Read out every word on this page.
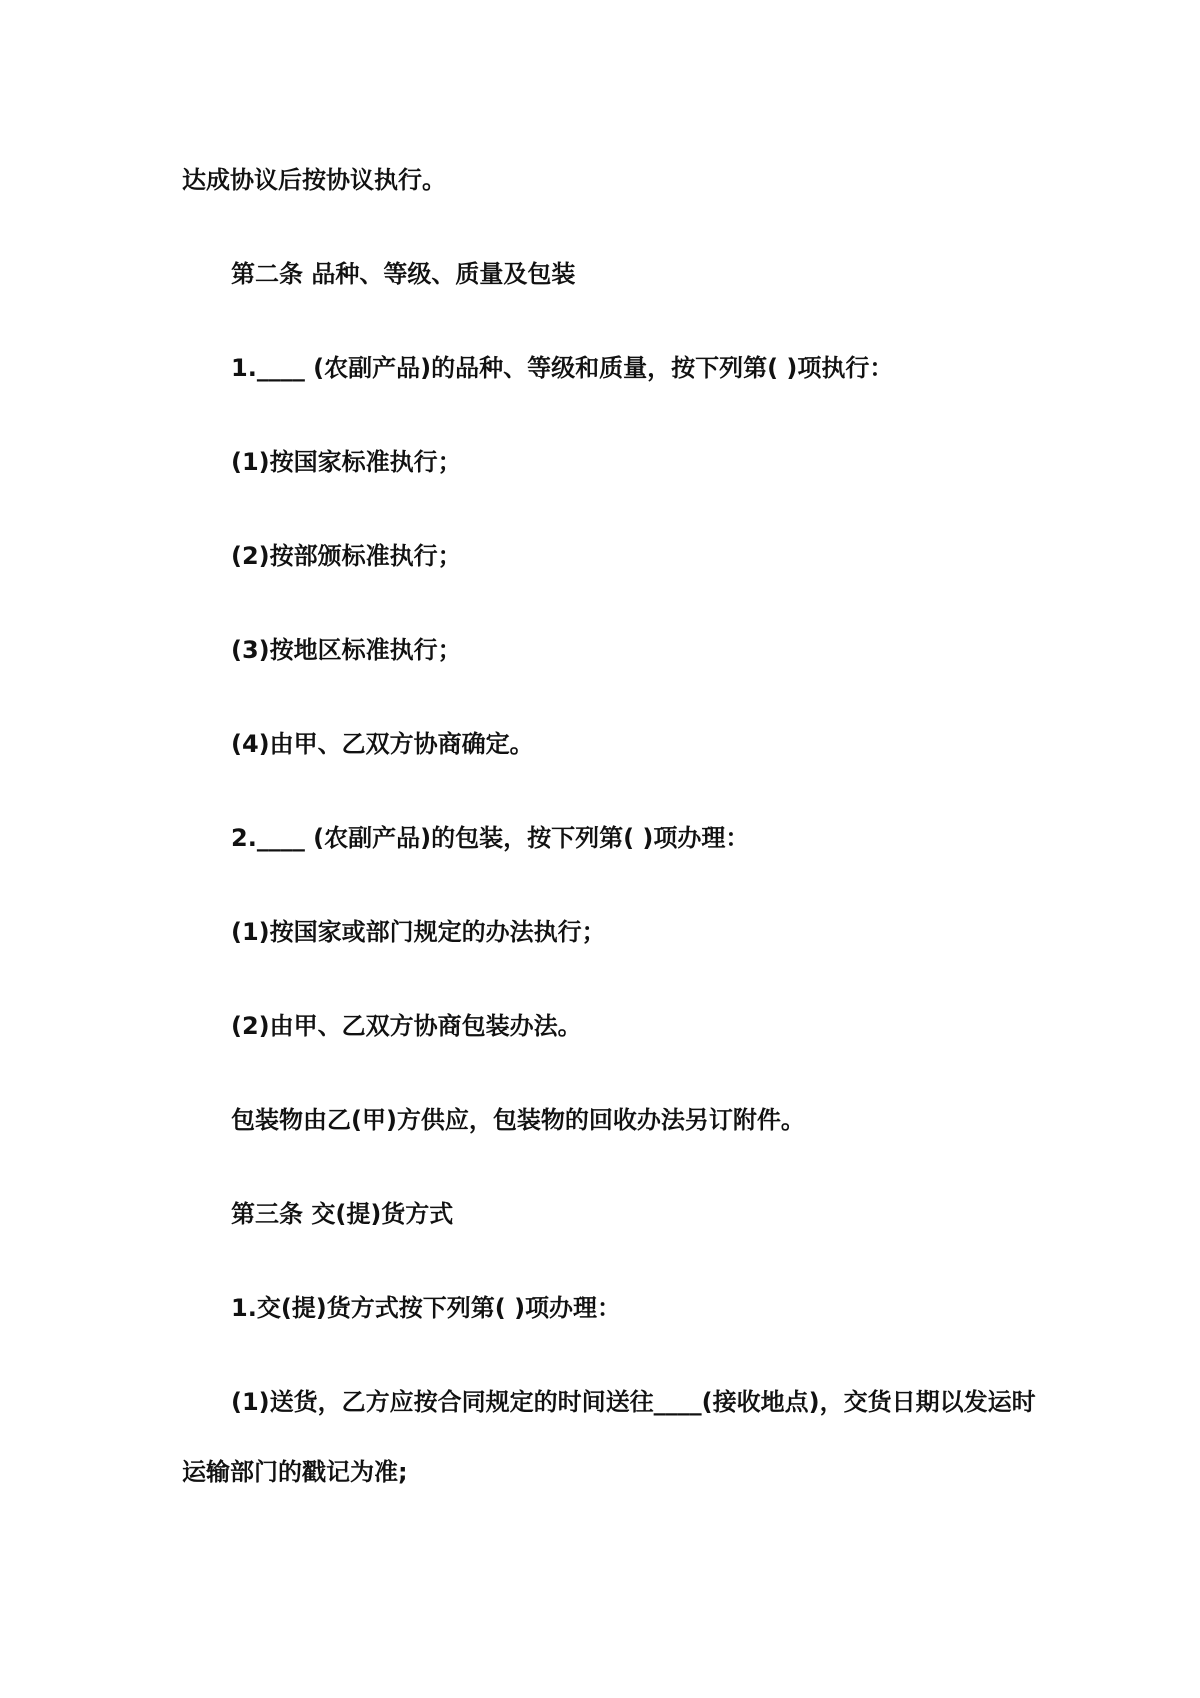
达成协议后按协议执行。

第二条 品种、等级、质量及包装

1.____ (农副产品)的品种、等级和质量，按下列第( )项执行：

(1)按国家标准执行；

(2)按部颁标准执行；

(3)按地区标准执行；

(4)由甲、乙双方协商确定。

2.____ (农副产品)的包装，按下列第( )项办理：

(1)按国家或部门规定的办法执行；

(2)由甲、乙双方协商包装办法。

包装物由乙(甲)方供应，包装物的回收办法另订附件。

第三条 交(提)货方式

1.交(提)货方式按下列第( )项办理：

(1)送货，乙方应按合同规定的时间送往____(接收地点)，交货日期以发运时

运输部门的戳记为准;
